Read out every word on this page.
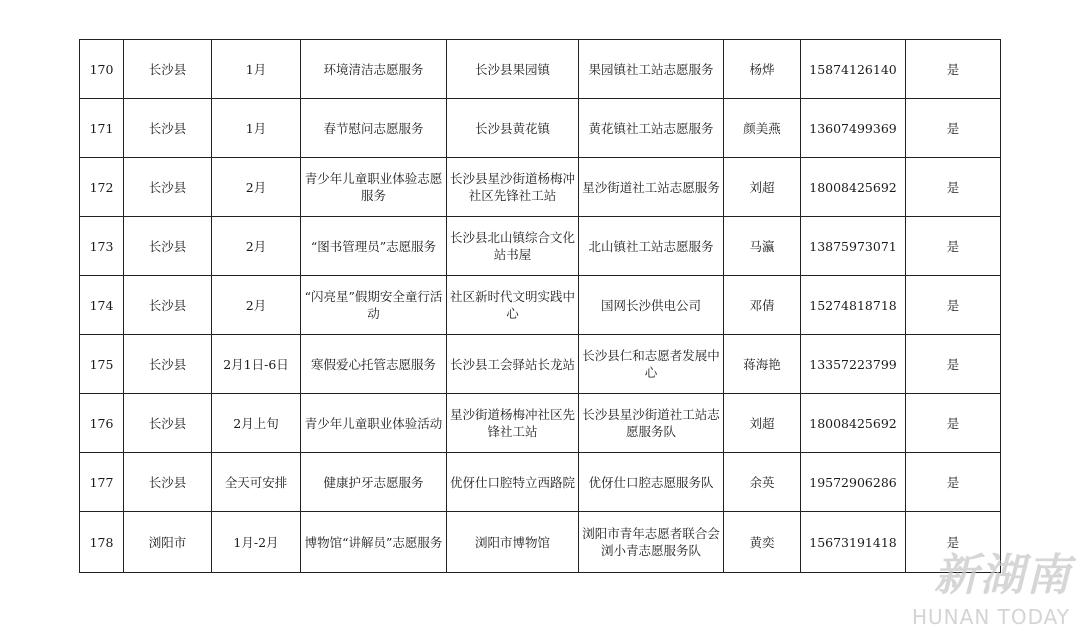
170	长沙县	1月	环境清洁志愿服务	长沙县果园镇	果园镇社工站志愿服务	杨烨	15874126140	是
171	长沙县	1月	春节慰问志愿服务	长沙县黄花镇	黄花镇社工站志愿服务	颜美燕	13607499369	是
172	长沙县	2月	青少年儿童职业体验志愿服务	长沙县星沙街道杨梅冲社区先锋社工站	星沙街道社工站志愿服务	刘超	18008425692	是
173	长沙县	2月	“图书管理员”志愿服务	长沙县北山镇综合文化站书屋	北山镇社工站志愿服务	马瀛	13875973071	是
174	长沙县	2月	“闪亮星”假期安全童行活动	社区新时代文明实践中心	国网长沙供电公司	邓倩	15274818718	是
175	长沙县	2月1日-6日	寒假爱心托管志愿服务	长沙县工会驿站长龙站	长沙县仁和志愿者发展中心	蒋海艳	13357223799	是
176	长沙县	2月上旬	青少年儿童职业体验活动	星沙街道杨梅冲社区先锋社工站	长沙县星沙街道社工站志愿服务队	刘超	18008425692	是
177	长沙县	全天可安排	健康护牙志愿服务	优伢仕口腔特立西路院	优伢仕口腔志愿服务队	余英	19572906286	是
178	浏阳市	1月-2月	博物馆“讲解员”志愿服务	浏阳市博物馆	浏阳市青年志愿者联合会浏小青志愿服务队	黄奕	15673191418	是
新湖南
HUNAN TODAY
